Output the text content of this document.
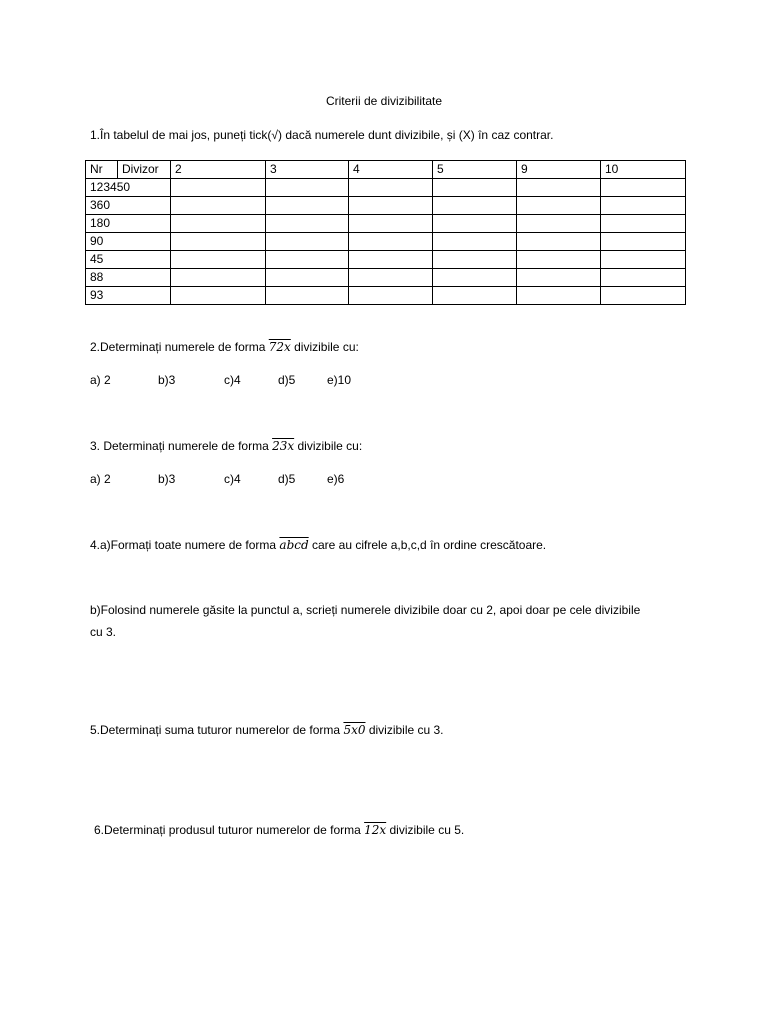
Criterii de divizibilitate
1.În tabelul de mai jos, puneți tick(√) dacă numerele dunt divizibile, și (X) în caz contrar.
Nr	Divizor	2	3	4	5	9	10
123450							
360							
180							
90							
45							
88							
93							
2.Determinați numerele de forma 72x divizibile cu:
a) 2	b)3	c)4	d)5	e)10
3. Determinați numerele de forma 23x divizibile cu:
a) 2	b)3	c)4	d)5	e)6
4.a)Formați toate numere de forma abcd care au cifrele a,b,c,d în ordine crescătoare.
b)Folosind numerele găsite la punctul a, scrieți numerele divizibile doar cu 2, apoi doar pe cele divizibile
cu 3.
5.Determinați suma tuturor numerelor de forma 5x0 divizibile cu 3.
6.Determinați produsul tuturor numerelor de forma 12x divizibile cu 5.
